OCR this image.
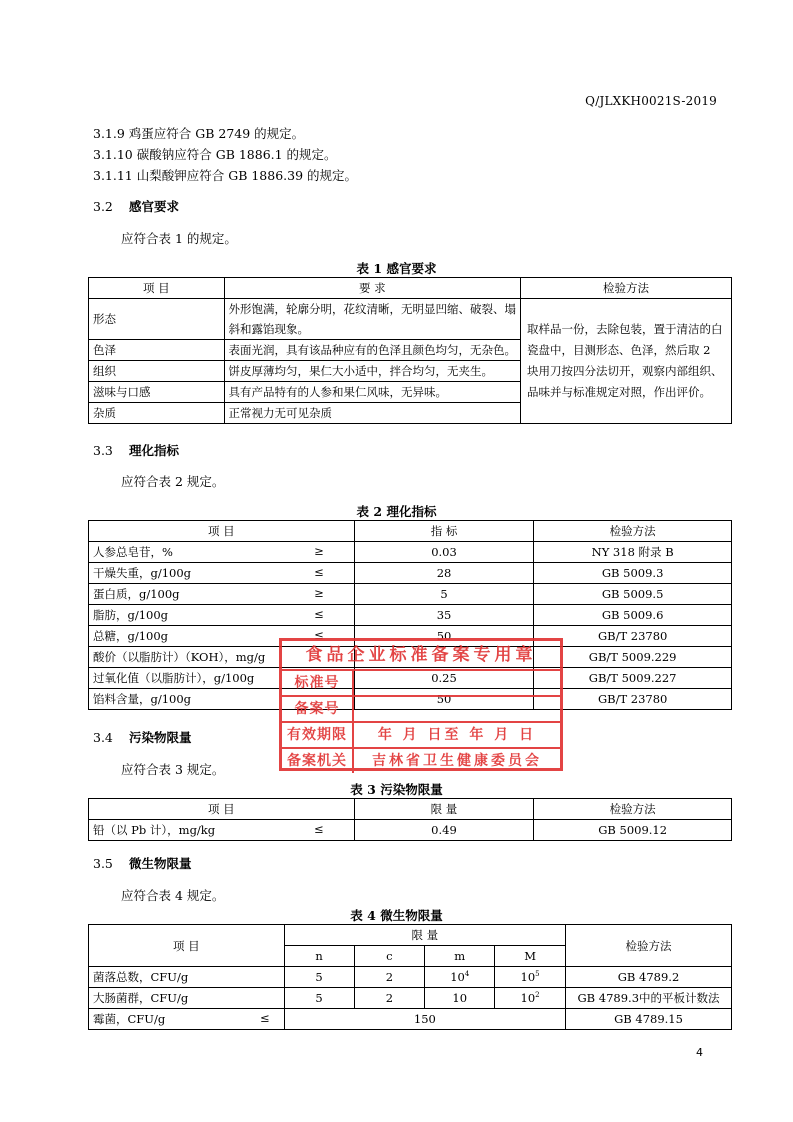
Q/JLXKH0021S-2019
3.1.9 鸡蛋应符合 GB 2749 的规定。
3.1.10 碳酸钠应符合 GB 1886.1 的规定。
3.1.11 山梨酸钾应符合 GB 1886.39 的规定。
3.2 感官要求
应符合表 1 的规定。
表 1 感官要求
项 目	要 求	检验方法
形态	外形饱满，轮廓分明，花纹清晰，无明显凹缩、破裂、塌斜和露馅现象。	取样品一份，去除包装，置于清洁的白瓷盘中，目测形态、色泽，然后取 2 块用刀按四分法切开，观察内部组织、品味并与标准规定对照，作出评价。
色泽	表面光润，具有该品种应有的色泽且颜色均匀，无杂色。	
组织	饼皮厚薄均匀，果仁大小适中，拌合均匀，无夹生。	
滋味与口感	具有产品特有的人参和果仁风味，无异味。	
杂质	正常视力无可见杂质	
3.3 理化指标
应符合表 2 规定。
表 2 理化指标
项 目	指 标	检验方法
人参总皂苷，% ≥	0.03	NY 318 附录 B
干燥失重，g/100g ≤	28	GB 5009.3
蛋白质，g/100g ≥	5	GB 5009.5
脂肪，g/100g ≤	35	GB 5009.6
总糖，g/100g ≤	50	GB/T 23780
酸价（以脂肪计）（KOH），mg/g		GB/T 5009.229
过氧化值（以脂肪计），g/100g	0.25	GB/T 5009.227
馅料含量，g/100g	50	GB/T 23780
3.4 污染物限量
应符合表 3 规定。
表 3 污染物限量
项 目	限 量	检验方法
铅（以 Pb 计），mg/kg ≤	0.49	GB 5009.12
3.5 微生物限量
应符合表 4 规定。
表 4 微生物限量
项 目	限 量				检验方法
	n	c	m	M	
菌落总数，CFU/g	5	2	$10^4$	$10^5$	GB 4789.2
大肠菌群，CFU/g	5	2	10	$10^2$	GB 4789.3中的平板计数法
霉菌，CFU/g ≤	150				GB 4789.15
食品企业标准备案专用章
标准号
备案号
有效期限	年 月 日至 年 月 日
备案机关	吉林省卫生健康委员会
4
